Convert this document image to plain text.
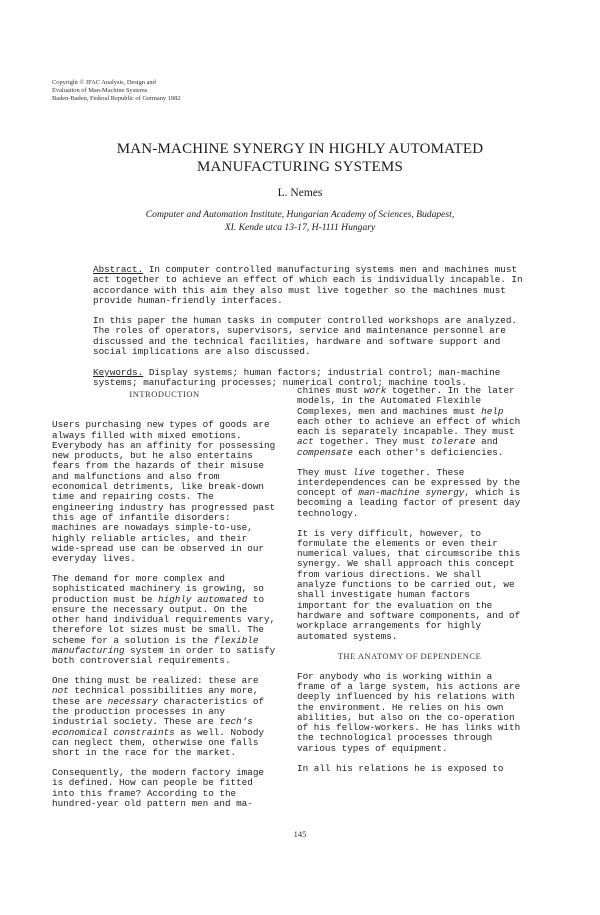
Copyright © IFAC Analysis, Design and
Evaluation of Man-Machine Systems
Baden-Baden, Federal Republic of Germany 1982
MAN-MACHINE SYNERGY IN HIGHLY AUTOMATED
MANUFACTURING SYSTEMS
L. Nemes
Computer and Automation Institute, Hungarian Academy of Sciences, Budapest,
XI. Kende utca 13-17, H-1111 Hungary

Abstract. In computer controlled manufacturing systems men and machines must act together to achieve an effect of which each is individually incapable. In accordance with this aim they also must live together so the machines must provide human-friendly interfaces.

In this paper the human tasks in computer controlled workshops are analyzed. The roles of operators, supervisors, service and maintenance personnel are discussed and the technical facilities, hardware and software support and social implications are also discussed.

Keywords. Display systems; human factors; industrial control; man-machine systems; manufacturing processes; numerical control; machine tools.

INTRODUCTION

Users purchasing new types of goods are always filled with mixed emotions. Everybody has an affinity for possessing new products, but he also entertains fears from the hazards of their misuse and malfunctions and also from economical detriments, like break-down time and repairing costs. The engineering industry has progressed past this age of infantile disorders: machines are nowadays simple-to-use, highly reliable articles, and their wide-spread use can be observed in our everyday lives.

The demand for more complex and sophisticated machinery is growing, so production must be highly automated to ensure the necessary output. On the other hand individual requirements vary, therefore lot sizes must be small. The scheme for a solution is the flexible manufacturing system in order to satisfy both controversial requirements.

One thing must be realized: these are not technical possibilities any more, these are necessary characteristics of the production processes in any industrial society. These are tech's economical constraints as well. Nobody can neglect them, otherwise one falls short in the race for the market.

Consequently, the modern factory image is defined. How can people be fitted into this frame? According to the hundred-year old pattern men and ma-

chines must work together. In the later models, in the Automated Flexible Complexes, men and machines must help each other to achieve an effect of which each is separately incapable. They must act together. They must tolerate and compensate each other's deficiencies.

They must live together. These interdependences can be expressed by the concept of man-machine synergy, which is becoming a leading factor of present day technology.

It is very difficult, however, to formulate the elements or even their numerical values, that circumscribe this synergy. We shall approach this concept from various directions. We shall analyze functions to be carried out, we shall investigate human factors important for the evaluation on the hardware and software components, and of workplace arrangements for highly automated systems.

THE ANATOMY OF DEPENDENCE

For anybody who is working within a frame of a large system, his actions are deeply influenced by his relations with the environment. He relies on his own abilities, but also on the co-operation of his fellow-workers. He has links with the technological processes through various types of equipment.

In all his relations he is exposed to

145
